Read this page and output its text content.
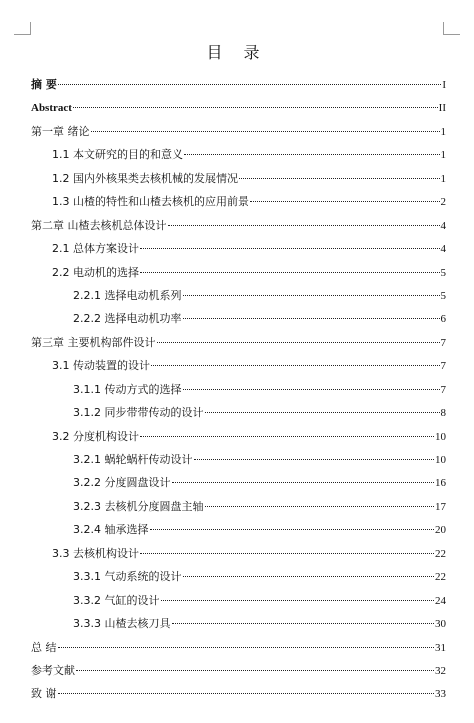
目 录
摘 要	I
Abstract	II
第一章 绪论	1
1.1 本文研究的目的和意义	1
1.2 国内外核果类去核机械的发展情况	1
1.3 山楂的特性和山楂去核机的应用前景	2
第二章 山楂去核机总体设计	4
2.1 总体方案设计	4
2.2 电动机的选择	5
2.2.1 选择电动机系列	5
2.2.2 选择电动机功率	6
第三章 主要机构部件设计	7
3.1 传动装置的设计	7
3.1.1 传动方式的选择	7
3.1.2 同步带带传动的设计	8
3.2 分度机构设计	10
3.2.1 蜗轮蜗杆传动设计	10
3.2.2 分度圆盘设计	16
3.2.3 去核机分度圆盘主轴	17
3.2.4 轴承选择	20
3.3 去核机构设计	22
3.3.1 气动系统的设计	22
3.3.2 气缸的设计	24
3.3.3 山楂去核刀具	30
总 结	31
参考文献	32
致 谢	33
